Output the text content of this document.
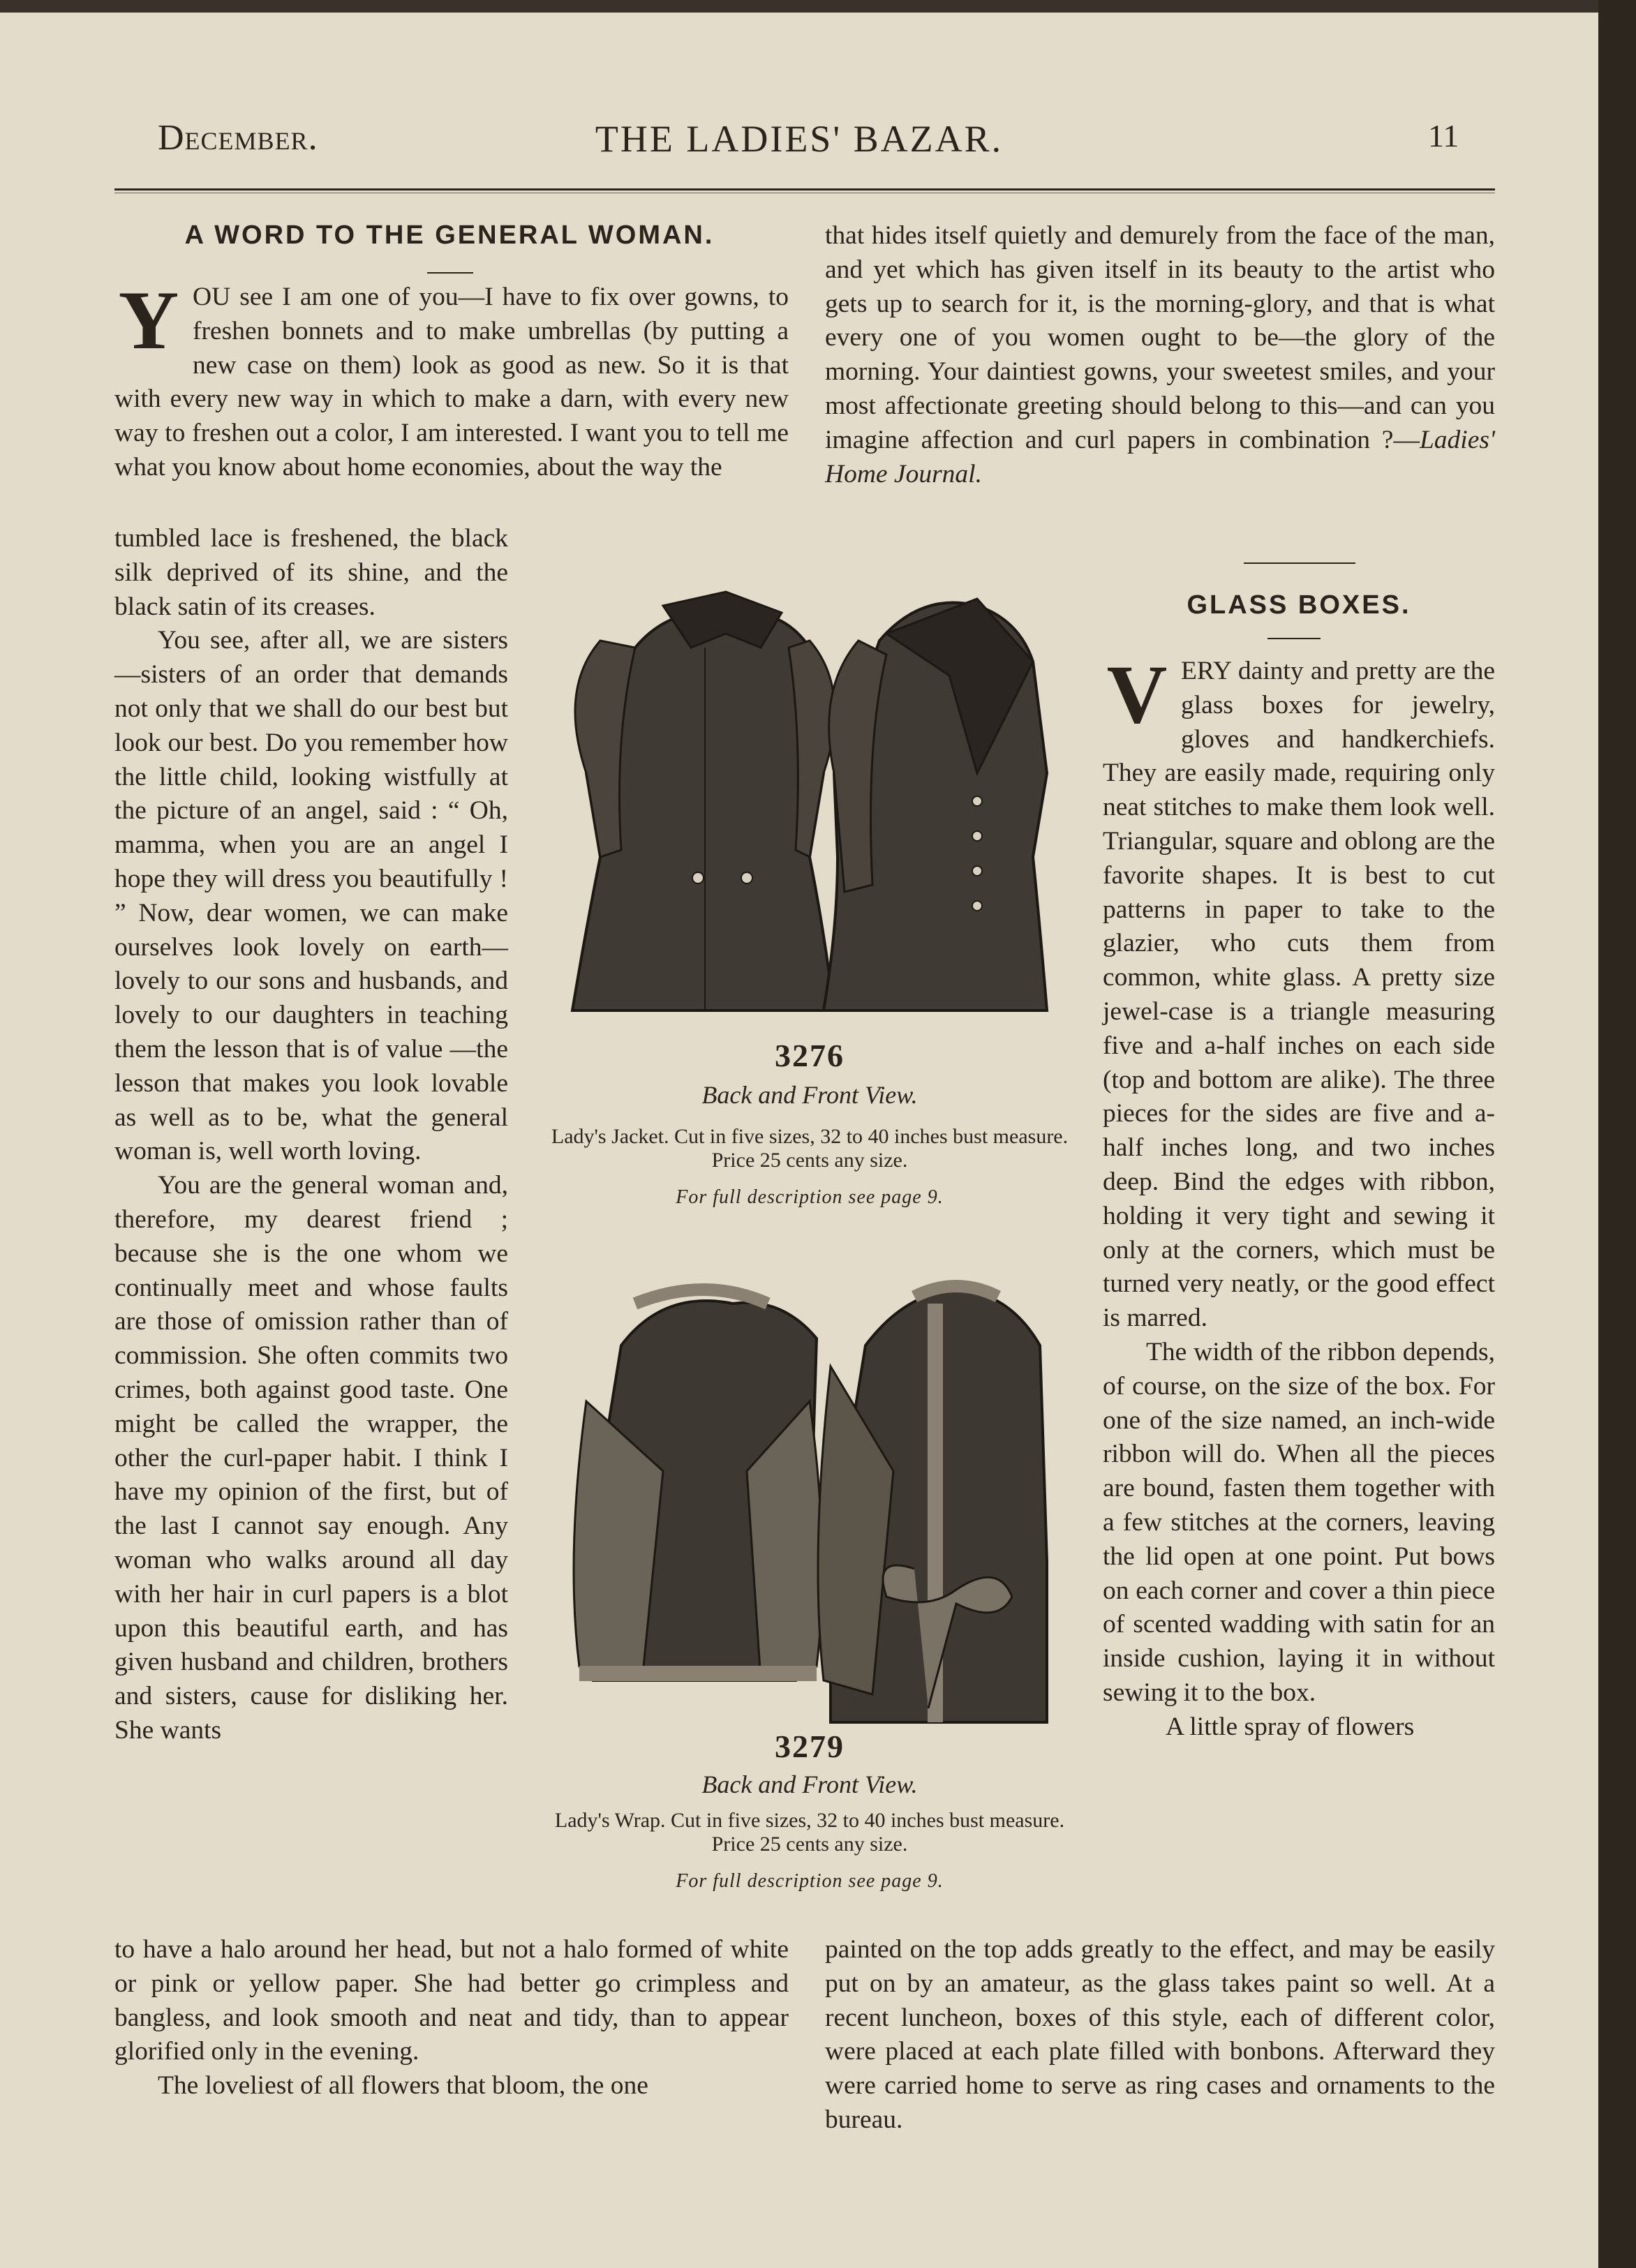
THE LADIES' BAZAR.
December.	11
A WORD TO THE GENERAL WOMAN.

Y OU see I am one of you—I have to fix over gowns, to freshen bonnets and to make umbrellas (by putting a new case on them) look as good as new. So it is that with every new way in which to make a darn, with every new way to freshen out a color, I am interested. I want you to tell me what you know about home economies, about the way the

tumbled lace is freshened, the black silk deprived of its shine, and the black satin of its creases.

You see, after all, we are sisters—sisters of an order that demands not only that we shall do our best but look our best. Do you remember how the little child, looking wistfully at the picture of an angel, said : “ Oh, mamma, when you are an angel I hope they will dress you beautifully ! ” Now, dear women, we can make ourselves look lovely on earth—lovely to our sons and husbands, and lovely to our daughters in teaching them the lesson that is of value —the lesson that makes you look lovable as well as to be, what the general woman is, well worth loving.

You are the general woman and, therefore, my dearest friend ; because she is the one whom we continually meet and whose faults are those of omission rather than of commission. She often commits two crimes, both against good taste. One might be called the wrapper, the other the curl-paper habit. I think I have my opinion of the first, but of the last I cannot say enough. Any woman who walks around all day with her hair in curl papers is a blot upon this beautiful earth, and has given husband and children, brothers and sisters, cause for disliking her. She wants

to have a halo around her head, but not a halo formed of white or pink or yellow paper. She had better go crimpless and bangless, and look smooth and neat and tidy, than to appear glorified only in the evening.

The loveliest of all flowers that bloom, the one

that hides itself quietly and demurely from the face of the man, and yet which has given itself in its beauty to the artist who gets up to search for it, is the morning-glory, and that is what every one of you women ought to be—the glory of the morning. Your daintiest gowns, your sweetest smiles, and your most affectionate greeting should belong to this—and can you imagine affection and curl papers in combination ?—Ladies' Home Journal.

3276
Back and Front View.
Lady's Jacket. Cut in five sizes, 32 to 40 inches bust measure. Price 25 cents any size.
For full description see page 9.
3279
Back and Front View.
Lady's Wrap. Cut in five sizes, 32 to 40 inches bust measure. Price 25 cents any size.
For full description see page 9.
GLASS BOXES.

V ERY dainty and pretty are the glass boxes for jewelry, gloves and handkerchiefs. They are easily made, requiring only neat stitches to make them look well. Triangular, square and oblong are the favorite shapes. It is best to cut patterns in paper to take to the glazier, who cuts them from common, white glass. A pretty size jewel-case is a triangle measuring five and a-half inches on each side (top and bottom are alike). The three pieces for the sides are five and a-half inches long, and two inches deep. Bind the edges with ribbon, holding it very tight and sewing it only at the corners, which must be turned very neatly, or the good effect is marred.

The width of the ribbon depends, of course, on the size of the box. For one of the size named, an inch-wide ribbon will do. When all the pieces are bound, fasten them together with a few stitches at the corners, leaving the lid open at one point. Put bows on each corner and cover a thin piece of scented wadding with satin for an inside cushion, laying it in without sewing it to the box.

A little spray of flowers

painted on the top adds greatly to the effect, and may be easily put on by an amateur, as the glass takes paint so well. At a recent luncheon, boxes of this style, each of different color, were placed at each plate filled with bonbons. Afterward they were carried home to serve as ring cases and ornaments to the bureau.
